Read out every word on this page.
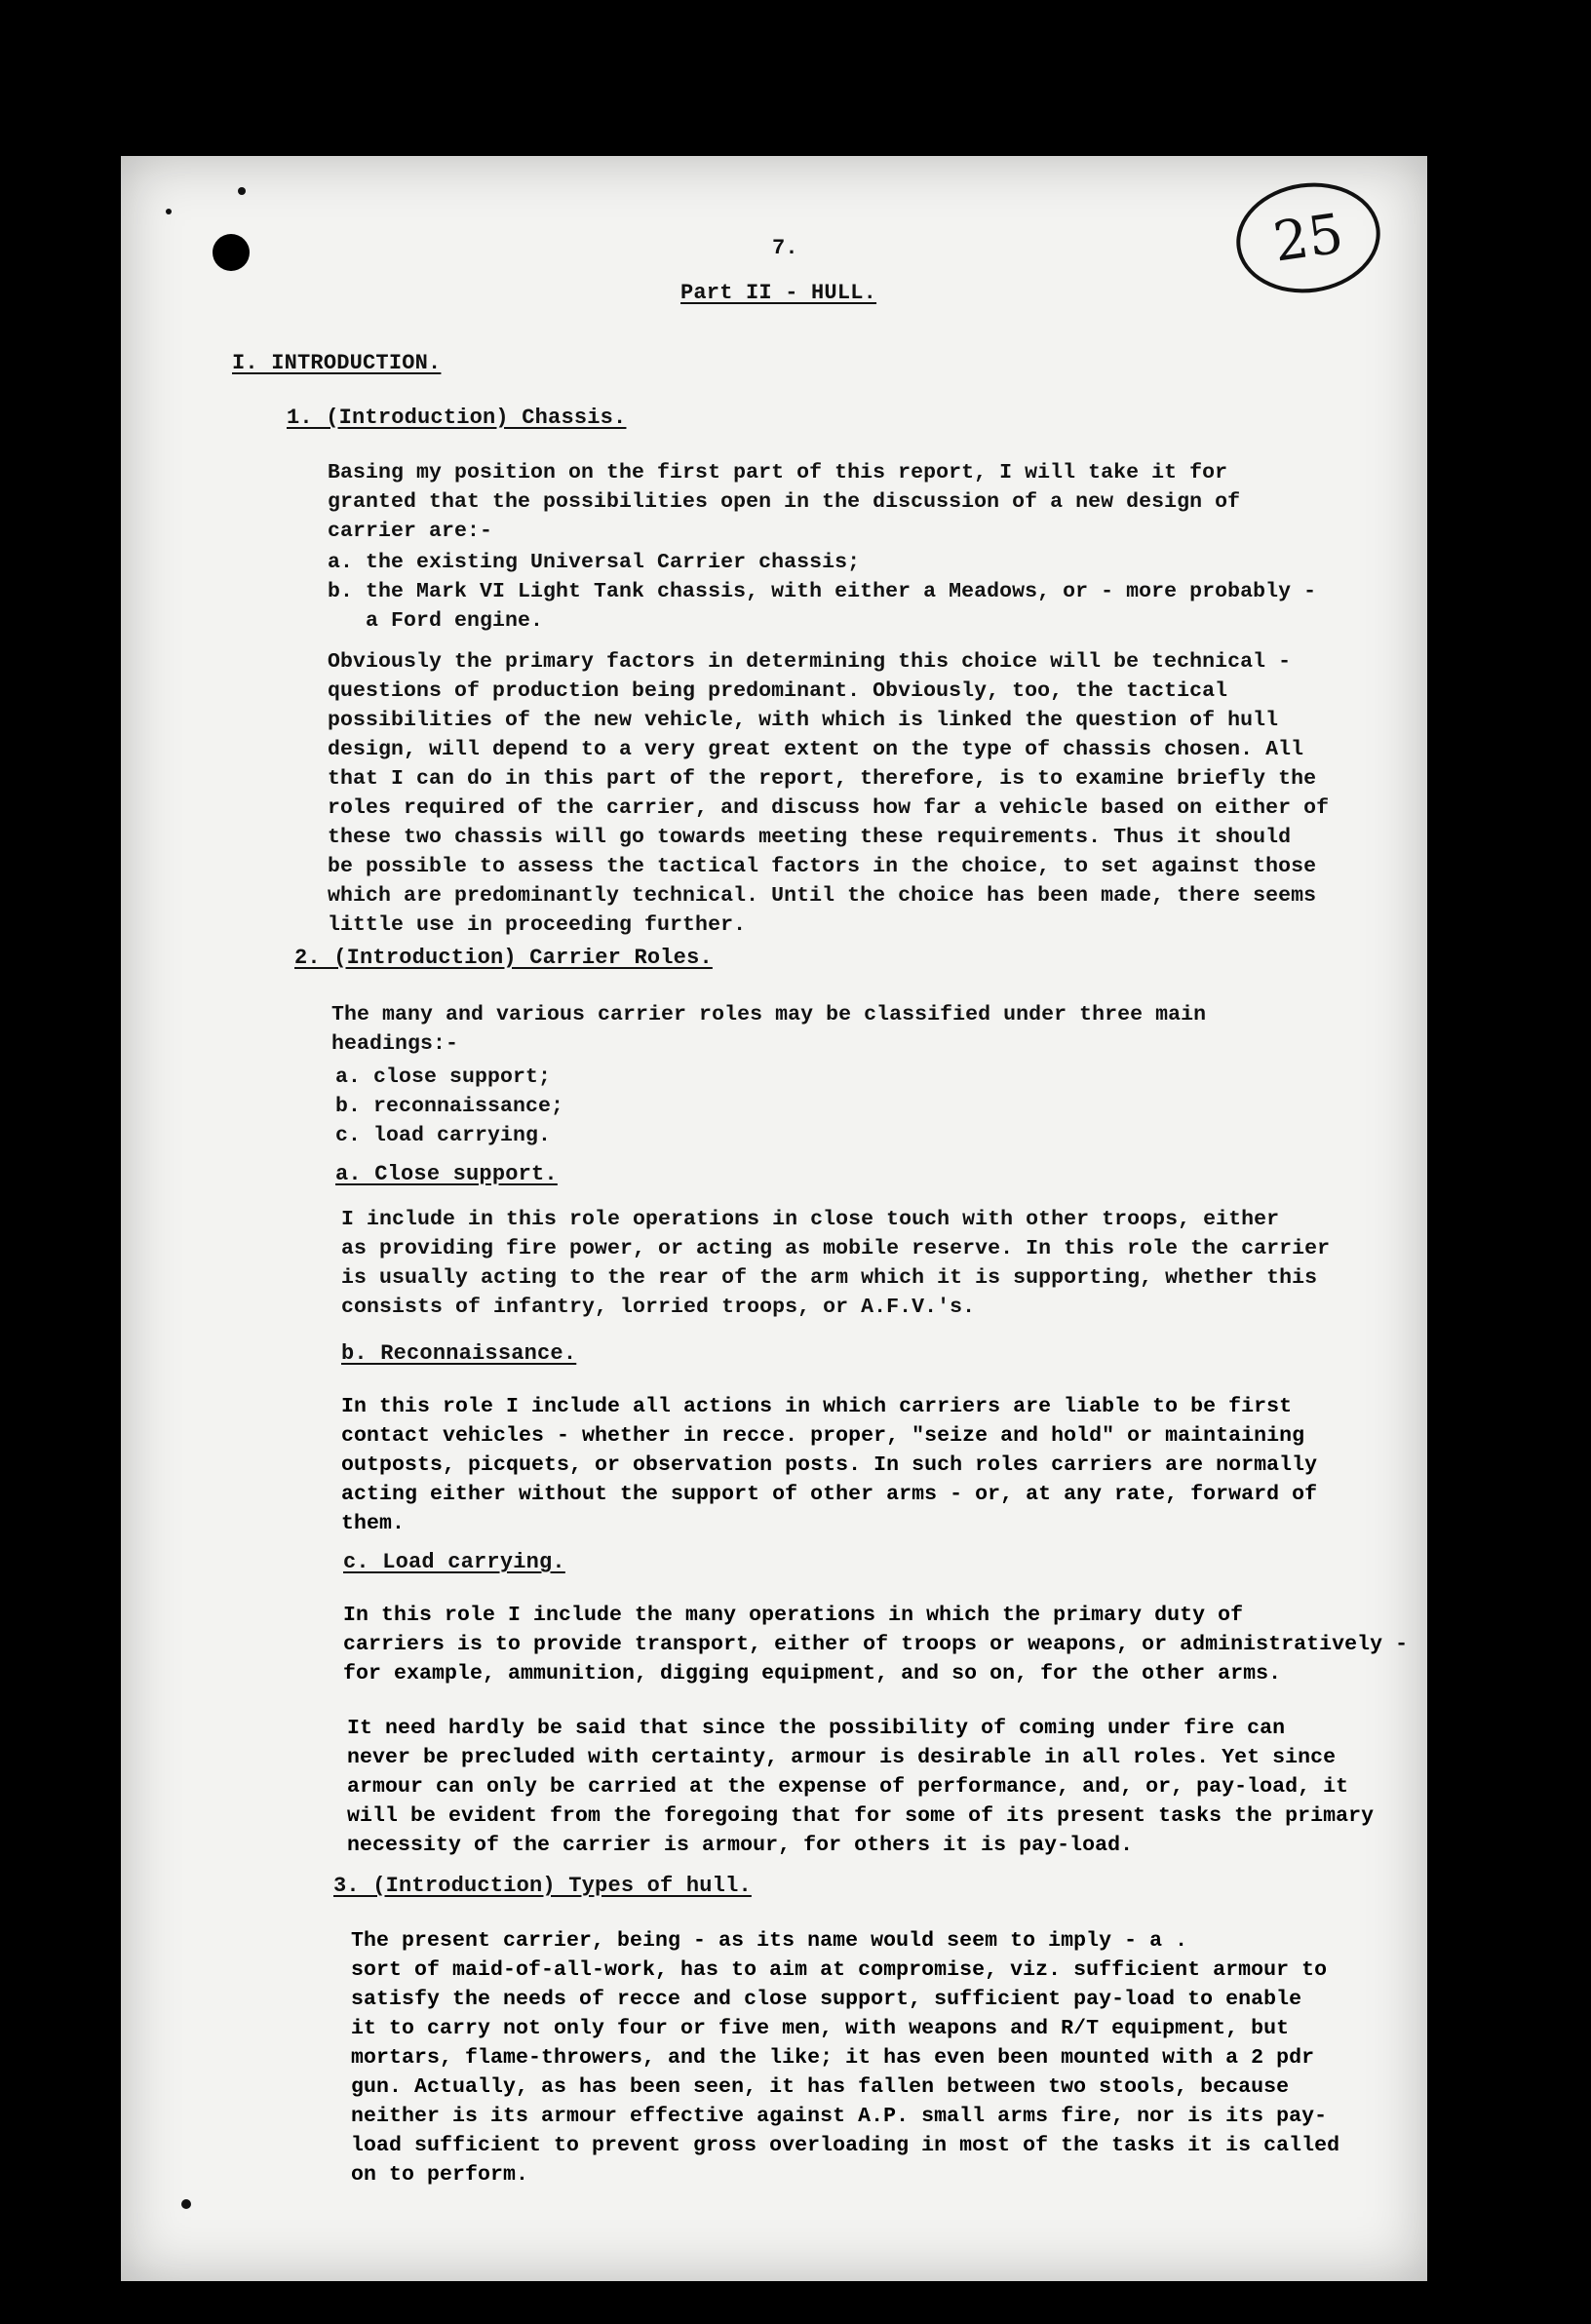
25
7.
Part II - HULL.
I. INTRODUCTION.
1. (Introduction) Chassis.
Basing my position on the first part of this report, I will take it for
granted that the possibilities open in the discussion of a new design of
carrier are:-
a. the existing Universal Carrier chassis;
b. the Mark VI Light Tank chassis, with either a Meadows, or - more probably -
a Ford engine.
Obviously the primary factors in determining this choice will be technical -
questions of production being predominant. Obviously, too, the tactical
possibilities of the new vehicle, with which is linked the question of hull
design, will depend to a very great extent on the type of chassis chosen. All
that I can do in this part of the report, therefore, is to examine briefly the
roles required of the carrier, and discuss how far a vehicle based on either of
these two chassis will go towards meeting these requirements. Thus it should
be possible to assess the tactical factors in the choice, to set against those
which are predominantly technical. Until the choice has been made, there seems
little use in proceeding further.
2. (Introduction) Carrier Roles.
The many and various carrier roles may be classified under three main
headings:-
a. close support;
b. reconnaissance;
c. load carrying.
a. Close support.
I include in this role operations in close touch with other troops, either
as providing fire power, or acting as mobile reserve. In this role the carrier
is usually acting to the rear of the arm which it is supporting, whether this
consists of infantry, lorried troops, or A.F.V.'s.
b. Reconnaissance.
In this role I include all actions in which carriers are liable to be first
contact vehicles - whether in recce. proper, "seize and hold" or maintaining
outposts, picquets, or observation posts. In such roles carriers are normally
acting either without the support of other arms - or, at any rate, forward of
them.
c. Load carrying.
In this role I include the many operations in which the primary duty of
carriers is to provide transport, either of troops or weapons, or administratively -
for example, ammunition, digging equipment, and so on, for the other arms.
It need hardly be said that since the possibility of coming under fire can
never be precluded with certainty, armour is desirable in all roles. Yet since
armour can only be carried at the expense of performance, and, or, pay-load, it
will be evident from the foregoing that for some of its present tasks the primary
necessity of the carrier is armour, for others it is pay-load.
3. (Introduction) Types of hull.
The present carrier, being - as its name would seem to imply - a .
sort of maid-of-all-work, has to aim at compromise, viz. sufficient armour to
satisfy the needs of recce and close support, sufficient pay-load to enable
it to carry not only four or five men, with weapons and R/T equipment, but
mortars, flame-throwers, and the like; it has even been mounted with a 2 pdr
gun. Actually, as has been seen, it has fallen between two stools, because
neither is its armour effective against A.P. small arms fire, nor is its pay-
load sufficient to prevent gross overloading in most of the tasks it is called
on to perform.
